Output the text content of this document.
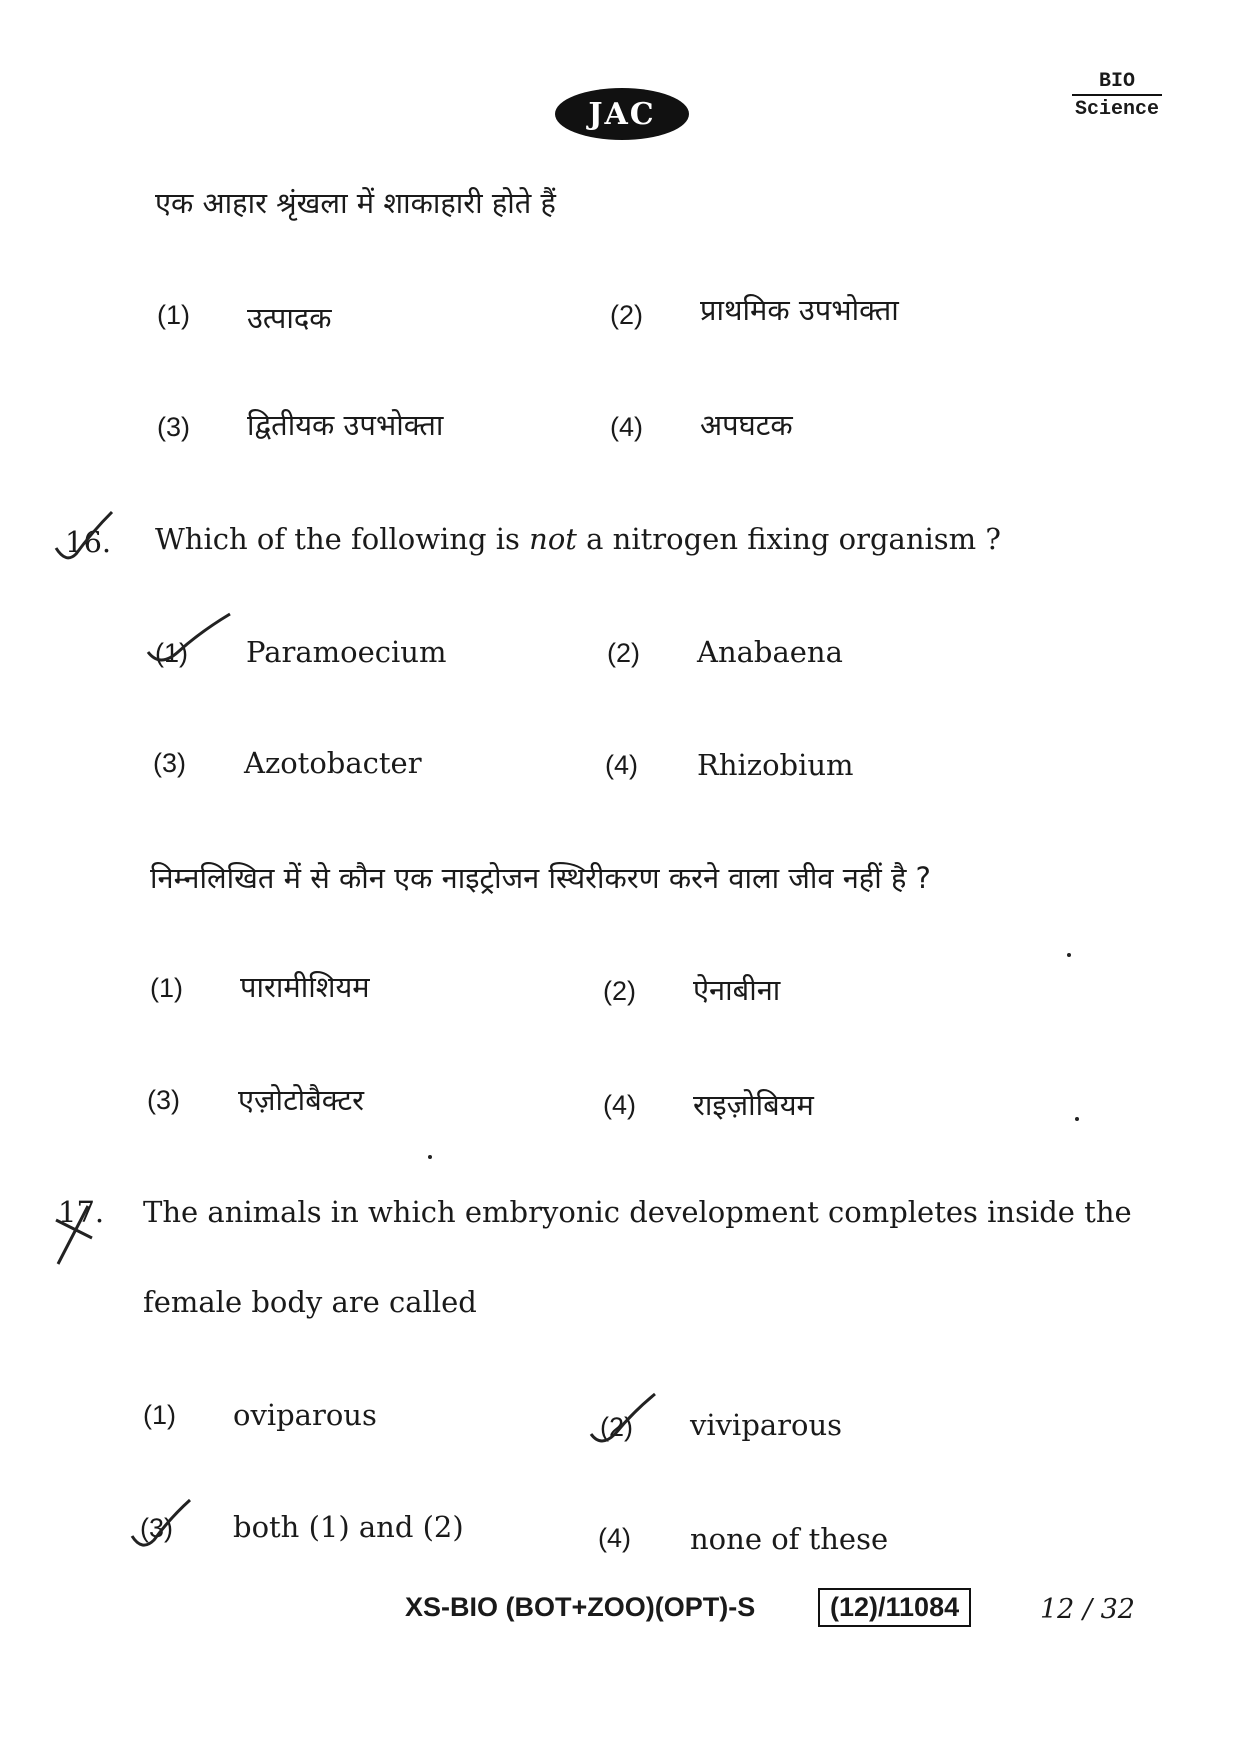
JAC
BIO
Science
एक आहार श्रृंखला में शाकाहारी होते हैं
(1) उत्पादक	(2) प्राथमिक उपभोक्ता
(3) द्वितीयक उपभोक्ता	(4) अपघटक
16. Which of the following is not a nitrogen fixing organism ?
(1) Paramoecium	(2) Anabaena
(3) Azotobacter	(4) Rhizobium
निम्नलिखित में से कौन एक नाइट्रोजन स्थिरीकरण करने वाला जीव नहीं है ?
(1) पारामीशियम	(2) ऐनाबीना
(3) एज़ोटोबैक्टर	(4) राइज़ोबियम
17. The animals in which embryonic development completes inside the
female body are called
(1) oviparous	(2) viviparous
(3) both (1) and (2)	(4) none of these
XS-BIO (BOT+ZOO)(OPT)-S	(12)/11084	12 / 32
